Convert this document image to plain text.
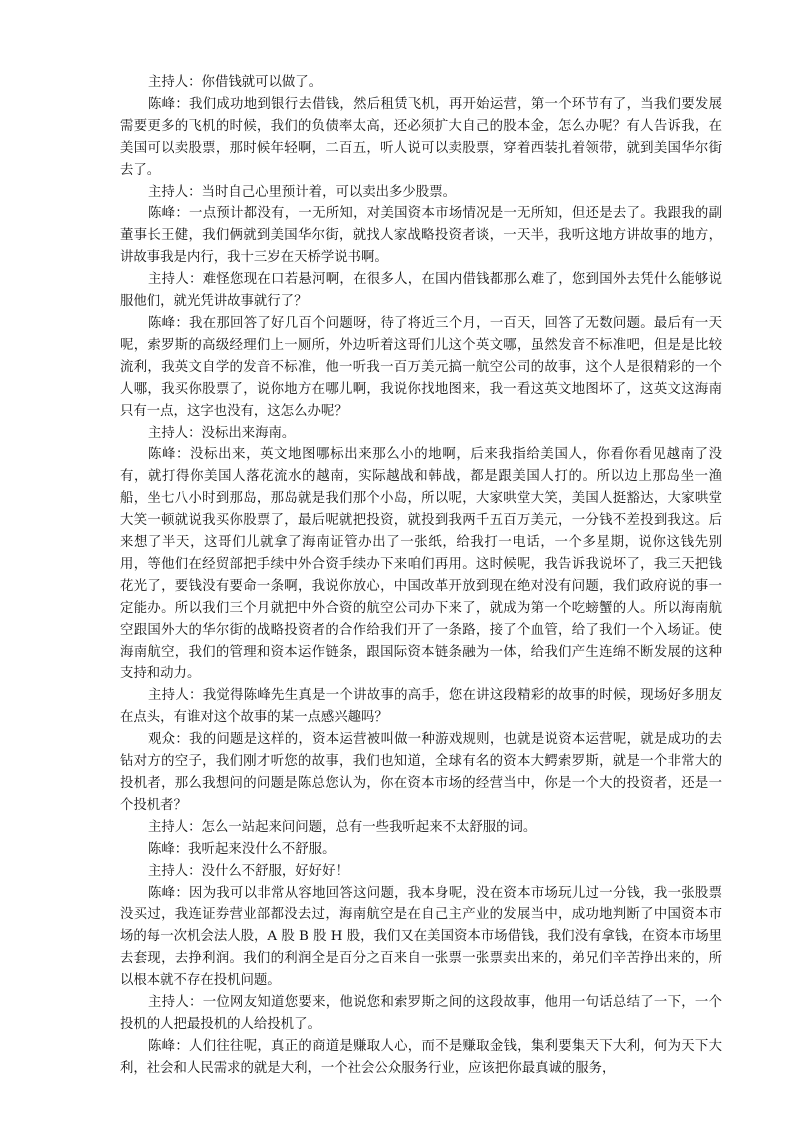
主持人：你借钱就可以做了。

陈峰：我们成功地到银行去借钱，然后租赁飞机，再开始运营，第一个环节有了，当我们要发展需要更多的飞机的时候，我们的负债率太高，还必须扩大自己的股本金，怎么办呢？有人告诉我，在美国可以卖股票，那时候年轻啊，二百五，听人说可以卖股票，穿着西装扎着领带，就到美国华尔街去了。

主持人：当时自己心里预计着，可以卖出多少股票。

陈峰：一点预计都没有，一无所知，对美国资本市场情况是一无所知，但还是去了。我跟我的副董事长王健，我们俩就到美国华尔街，就找人家战略投资者谈，一天半，我听这地方讲故事的地方，讲故事我是内行，我十三岁在天桥学说书啊。

主持人：难怪您现在口若悬河啊，在很多人，在国内借钱都那么难了，您到国外去凭什么能够说服他们，就光凭讲故事就行了？

陈峰：我在那回答了好几百个问题呀，待了将近三个月，一百天，回答了无数问题。最后有一天呢，索罗斯的高级经理们上一厕所，外边听着这哥们儿这个英文哪，虽然发音不标准吧，但是是比较流利，我英文自学的发音不标准，他一听我一百万美元搞一航空公司的故事，这个人是很精彩的一个人哪，我买你股票了，说你地方在哪儿啊，我说你找地图来，我一看这英文地图坏了，这英文这海南只有一点，这字也没有，这怎么办呢？

主持人：没标出来海南。

陈峰：没标出来，英文地图哪标出来那么小的地啊，后来我指给美国人，你看你看见越南了没有，就打得你美国人落花流水的越南，实际越战和韩战，都是跟美国人打的。所以边上那岛坐一渔船，坐七八小时到那岛，那岛就是我们那个小岛，所以呢，大家哄堂大笑，美国人挺豁达，大家哄堂大笑一顿就说我买你股票了，最后呢就把投资，就投到我两千五百万美元，一分钱不差投到我这。后来想了半天，这哥们儿就拿了海南证管办出了一张纸，给我打一电话，一个多星期，说你这钱先别用，等他们在经贸部把手续中外合资手续办下来咱们再用。这时候呢，我告诉我说坏了，我三天把钱花光了，要钱没有要命一条啊，我说你放心，中国改革开放到现在绝对没有问题，我们政府说的事一定能办。所以我们三个月就把中外合资的航空公司办下来了，就成为第一个吃螃蟹的人。所以海南航空跟国外大的华尔街的战略投资者的合作给我们开了一条路，接了个血管，给了我们一个入场证。使海南航空，我们的管理和资本运作链条，跟国际资本链条融为一体，给我们产生连绵不断发展的这种支持和动力。

主持人：我觉得陈峰先生真是一个讲故事的高手，您在讲这段精彩的故事的时候，现场好多朋友在点头，有谁对这个故事的某一点感兴趣吗？

观众：我的问题是这样的，资本运营被叫做一种游戏规则，也就是说资本运营呢，就是成功的去钻对方的空子，我们刚才听您的故事，我们也知道，全球有名的资本大鳄索罗斯，就是一个非常大的投机者，那么我想问的问题是陈总您认为，你在资本市场的经营当中，你是一个大的投资者，还是一个投机者？

主持人：怎么一站起来问问题，总有一些我听起来不太舒服的词。

陈峰：我听起来没什么不舒服。

主持人：没什么不舒服，好好好！

陈峰：因为我可以非常从容地回答这问题，我本身呢，没在资本市场玩儿过一分钱，我一张股票没买过，我连证券营业部都没去过，海南航空是在自己主产业的发展当中，成功地判断了中国资本市场的每一次机会法人股，A 股 B 股 H 股，我们又在美国资本市场借钱，我们没有拿钱，在资本市场里去套现，去挣利润。我们的利润全是百分之百来自一张票一张票卖出来的，弟兄们辛苦挣出来的，所以根本就不存在投机问题。

主持人：一位网友知道您要来，他说您和索罗斯之间的这段故事，他用一句话总结了一下，一个投机的人把最投机的人给投机了。

陈峰：人们往往呢，真正的商道是赚取人心，而不是赚取金钱，集利要集天下大利，何为天下大利，社会和人民需求的就是大利，一个社会公众服务行业，应该把你最真诚的服务，
